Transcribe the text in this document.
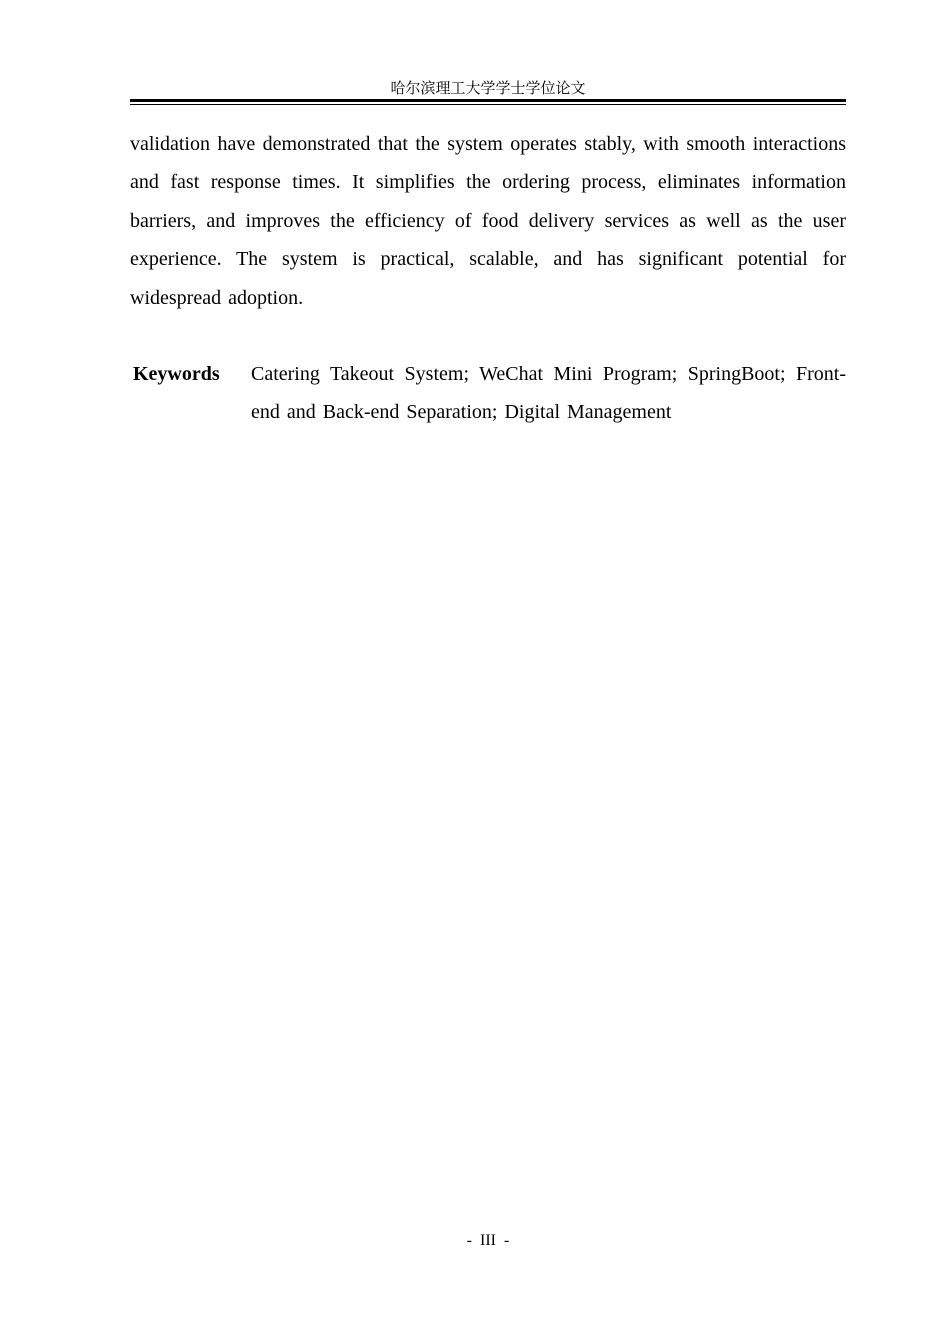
哈尔滨理工大学学士学位论文

validation have demonstrated that the system operates stably, with smooth interactions and fast response times. It simplifies the ordering process, eliminates information barriers, and improves the efficiency of food delivery services as well as the user experience. The system is practical, scalable, and has significant potential for widespread adoption.

Keywords	Catering Takeout System; WeChat Mini Program; SpringBoot; Front-end and Back-end Separation; Digital Management
- III -
